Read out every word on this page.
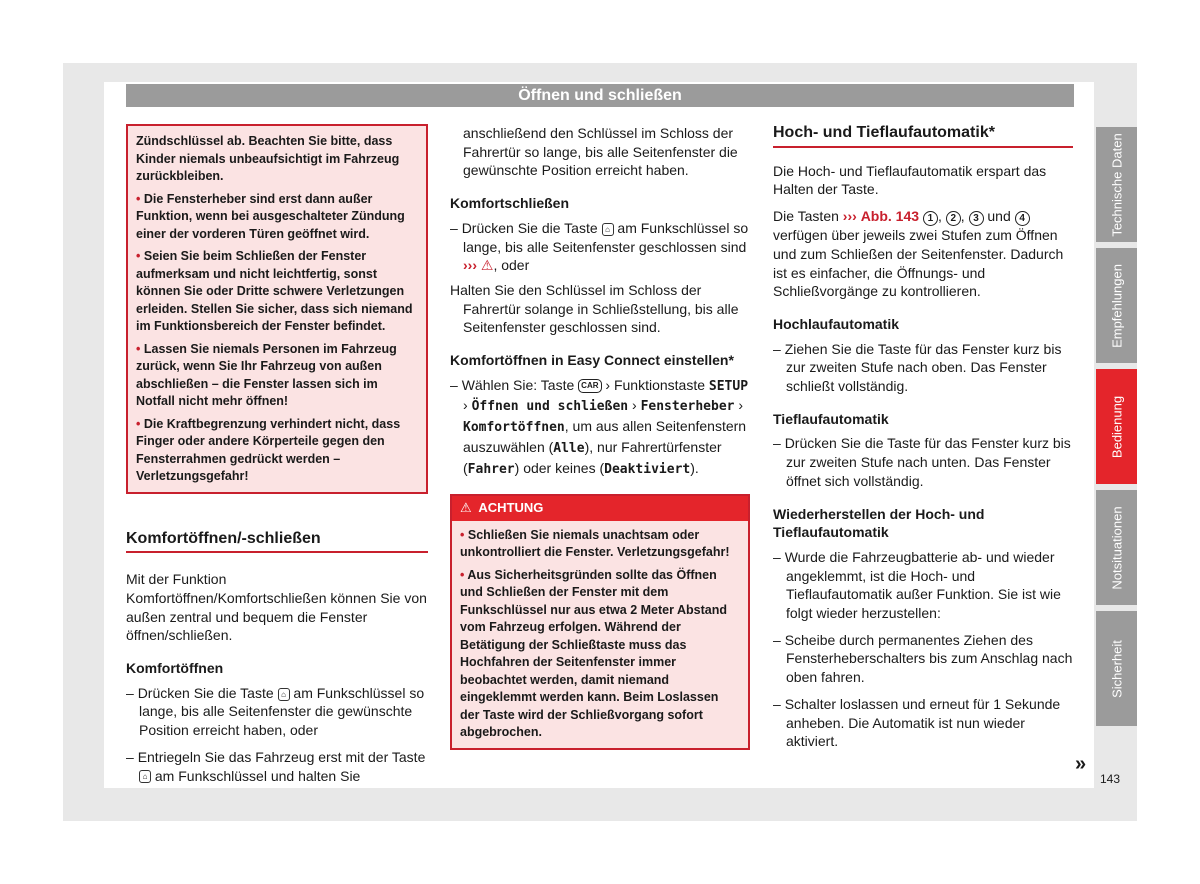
Öffnen und schließen

Zündschlüssel ab. Beachten Sie bitte, dass Kinder niemals unbeaufsichtigt im Fahrzeug zurückbleiben.

• Die Fensterheber sind erst dann außer Funktion, wenn bei ausgeschalteter Zündung einer der vorderen Türen geöffnet wird.

• Seien Sie beim Schließen der Fenster aufmerksam und nicht leichtfertig, sonst können Sie oder Dritte schwere Verletzungen erleiden. Stellen Sie sicher, dass sich niemand im Funktionsbereich der Fenster befindet.

• Lassen Sie niemals Personen im Fahrzeug zurück, wenn Sie Ihr Fahrzeug von außen abschließen – die Fenster lassen sich im Notfall nicht mehr öffnen!

• Die Kraftbegrenzung verhindert nicht, dass Finger oder andere Körperteile gegen den Fensterrahmen gedrückt werden – Verletzungsgefahr!

Komfortöffnen/-schließen

Mit der Funktion Komfortöffnen/Komfortschließen können Sie von außen zentral und bequem die Fenster öffnen/schließen.

Komfortöffnen

– Drücken Sie die Taste ⌂ am Funkschlüssel so lange, bis alle Seitenfenster die gewünschte Position erreicht haben, oder

– Entriegeln Sie das Fahrzeug erst mit der Taste ⌂ am Funkschlüssel und halten Sie

anschließend den Schlüssel im Schloss der Fahrertür so lange, bis alle Seitenfenster die gewünschte Position erreicht haben.

Komfortschließen

– Drücken Sie die Taste ⌂ am Funkschlüssel so lange, bis alle Seitenfenster geschlossen sind ››› ⚠, oder

Halten Sie den Schlüssel im Schloss der Fahrertür solange in Schließstellung, bis alle Seitenfenster geschlossen sind.

Komfortöffnen in Easy Connect einstellen*

– Wählen Sie: Taste CAR › Funktionstaste SETUP › Öffnen und schließen › Fensterheber › Komfortöffnen, um aus allen Seitenfenstern auszuwählen (Alle), nur Fahrertürfenster (Fahrer) oder keines (Deaktiviert).

⚠ ACHTUNG

• Schließen Sie niemals unachtsam oder unkontrolliert die Fenster. Verletzungsgefahr!

• Aus Sicherheitsgründen sollte das Öffnen und Schließen der Fenster mit dem Funkschlüssel nur aus etwa 2 Meter Abstand vom Fahrzeug erfolgen. Während der Betätigung der Schließtaste muss das Hochfahren der Seitenfenster immer beobachtet werden, damit niemand eingeklemmt werden kann. Beim Loslassen der Taste wird der Schließvorgang sofort abgebrochen.

Hoch- und Tieflaufautomatik*

Die Hoch- und Tieflaufautomatik erspart das Halten der Taste.

Die Tasten ››› Abb. 143 1 , 2 , 3 und 4 verfügen über jeweils zwei Stufen zum Öffnen und zum Schließen der Seitenfenster. Dadurch ist es einfacher, die Öffnungs- und Schließvorgänge zu kontrollieren.

Hochlaufautomatik

– Ziehen Sie die Taste für das Fenster kurz bis zur zweiten Stufe nach oben. Das Fenster schließt vollständig.

Tieflaufautomatik

– Drücken Sie die Taste für das Fenster kurz bis zur zweiten Stufe nach unten. Das Fenster öffnet sich vollständig.

Wiederherstellen der Hoch- und Tieflaufautomatik

– Wurde die Fahrzeugbatterie ab- und wieder angeklemmt, ist die Hoch- und Tieflaufautomatik außer Funktion. Sie ist wie folgt wieder herzustellen:

– Scheibe durch permanentes Ziehen des Fensterheberschalters bis zum Anschlag nach oben fahren.

– Schalter loslassen und erneut für 1 Sekunde anheben. Die Automatik ist nun wieder aktiviert.

Technische Daten
Empfehlungen
Bedienung
Notsituationen
Sicherheit
»
143
